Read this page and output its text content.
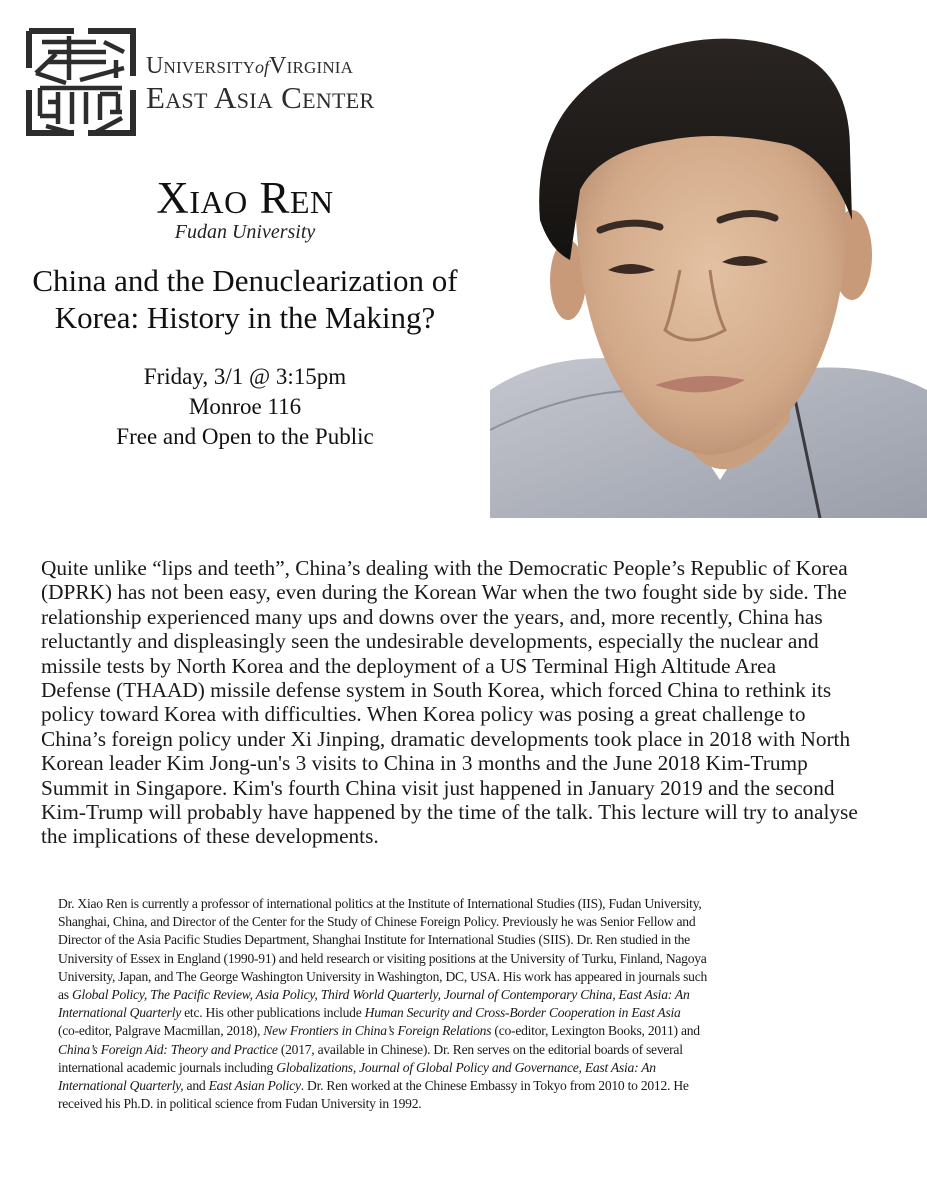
UniversityofVirginia
East Asia Center
Xiao Ren
Fudan University
China and the Denuclearization of
Korea: History in the Making?
Friday, 3/1 @ 3:15pm
Monroe 116
Free and Open to the Public
Quite unlike “lips and teeth”, China’s dealing with the Democratic People’s Republic of Korea
(DPRK) has not been easy, even during the Korean War when the two fought side by side. The
relationship experienced many ups and downs over the years, and, more recently, China has
reluctantly and displeasingly seen the undesirable developments, especially the nuclear and
missile tests by North Korea and the deployment of a US Terminal High Altitude Area
Defense (THAAD) missile defense system in South Korea, which forced China to rethink its
policy toward Korea with difficulties. When Korea policy was posing a great challenge to
China’s foreign policy under Xi Jinping, dramatic developments took place in 2018 with North
Korean leader Kim Jong-un's 3 visits to China in 3 months and the June 2018 Kim-Trump
Summit in Singapore. Kim's fourth China visit just happened in January 2019 and the second
Kim-Trump will probably have happened by the time of the talk. This lecture will try to analyse
the implications of these developments.
Dr. Xiao Ren is currently a professor of international politics at the Institute of International Studies (IIS), Fudan University,
Shanghai, China, and Director of the Center for the Study of Chinese Foreign Policy. Previously he was Senior Fellow and
Director of the Asia Pacific Studies Department, Shanghai Institute for International Studies (SIIS). Dr. Ren studied in the
University of Essex in England (1990-91) and held research or visiting positions at the University of Turku, Finland, Nagoya
University, Japan, and The George Washington University in Washington, DC, USA. His work has appeared in journals such
as Global Policy, The Pacific Review, Asia Policy, Third World Quarterly, Journal of Contemporary China, East Asia: An
International Quarterly etc. His other publications include Human Security and Cross-Border Cooperation in East Asia
(co-editor, Palgrave Macmillan, 2018), New Frontiers in China’s Foreign Relations (co-editor, Lexington Books, 2011) and
China’s Foreign Aid: Theory and Practice (2017, available in Chinese). Dr. Ren serves on the editorial boards of several
international academic journals including Globalizations, Journal of Global Policy and Governance, East Asia: An
International Quarterly, and East Asian Policy. Dr. Ren worked at the Chinese Embassy in Tokyo from 2010 to 2012. He
received his Ph.D. in political science from Fudan University in 1992.
